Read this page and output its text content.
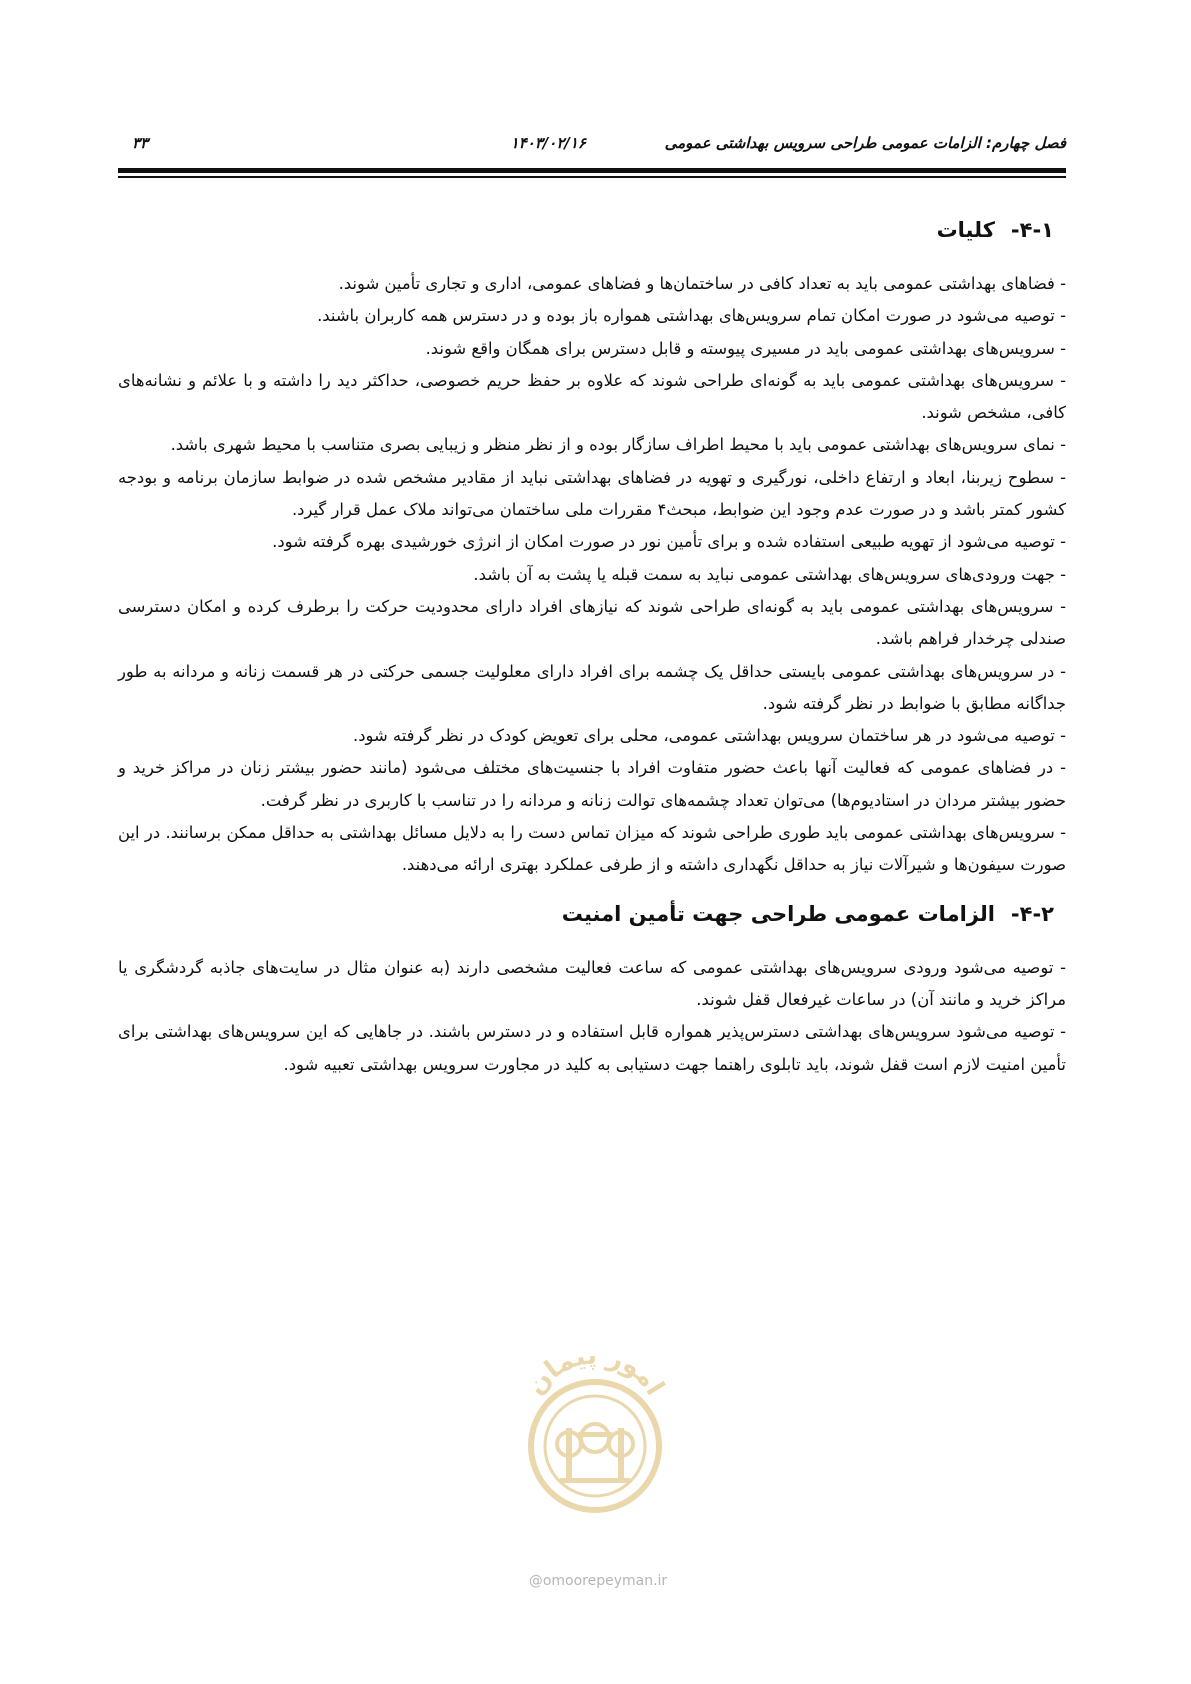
فصل چهارم: الزامات عمومی طراحی سرویس بهداشتی عمومی
۱۴۰۳/۰۲/۱۶
۳۳
۴-۱-کلیات

- فضاهای بهداشتی عمومی باید به تعداد کافی در ساختمان‌ها و فضاهای عمومی، اداری و تجاری تأمین شوند.

- توصیه می‌شود در صورت امکان تمام سرویس‌های بهداشتی همواره باز بوده و در دسترس همه کاربران باشند.

- سرویس‌های بهداشتی عمومی باید در مسیری پیوسته و قابل دسترس برای همگان واقع شوند.

- سرویس‌های بهداشتی عمومی باید به گونه‌ای طراحی شوند که علاوه بر حفظ حریم خصوصی، حداکثر دید را داشته و با علائم و نشانه‌های کافی، مشخص شوند.

- نمای سرویس‌های بهداشتی عمومی باید با محیط اطراف سازگار بوده و از نظر منظر و زیبایی بصری متناسب با محیط شهری باشد.

- سطوح زیربنا، ابعاد و ارتفاع داخلی، نورگیری و تهویه در فضاهای بهداشتی نباید از مقادیر مشخص شده در ضوابط سازمان برنامه و بودجه کشور کمتر باشد و در صورت عدم وجود این ضوابط، مبحث۴ مقررات ملی ساختمان می‌تواند ملاک عمل قرار گیرد.

- توصیه می‌شود از تهویه طبیعی استفاده شده و برای تأمین نور در صورت امکان از انرژی خورشیدی بهره گرفته شود.

- جهت ورودی‌های سرویس‌های بهداشتی عمومی نباید به سمت قبله یا پشت به آن باشد.

- سرویس‌های بهداشتی عمومی باید به گونه‌ای طراحی شوند که نیازهای افراد دارای محدودیت حرکت را برطرف کرده و امکان دسترسی صندلی چرخدار فراهم باشد.

- در سرویس‌های بهداشتی عمومی بایستی حداقل یک چشمه برای افراد دارای معلولیت جسمی حرکتی در هر قسمت زنانه و مردانه به طور جداگانه مطابق با ضوابط در نظر گرفته شود.

- توصیه می‌شود در هر ساختمان سرویس بهداشتی عمومی، محلی برای تعویض کودک در نظر گرفته شود.

- در فضاهای عمومی که فعالیت آنها باعث حضور متفاوت افراد با جنسیت‌های مختلف می‌شود (مانند حضور بیشتر زنان در مراکز خرید و حضور بیشتر مردان در استادیوم‌ها) می‌توان تعداد چشمه‌های توالت زنانه و مردانه را در تناسب با کاربری در نظر گرفت.

- سرویس‌های بهداشتی عمومی باید طوری طراحی شوند که میزان تماس دست را به دلایل مسائل بهداشتی به حداقل ممکن برسانند. در این صورت سیفون‌ها و شیرآلات نیاز به حداقل نگهداری داشته و از طرفی عملکرد بهتری ارائه می‌دهند.

۴-۲-الزامات عمومی طراحی جهت تأمین امنیت

- توصیه می‌شود ورودی سرویس‌های بهداشتی عمومی که ساعت فعالیت مشخصی دارند (به عنوان مثال در سایت‌های جاذبه گردشگری یا مراکز خرید و مانند آن) در ساعات غیرفعال قفل شوند.

- توصیه می‌شود سرویس‌های بهداشتی دسترس‌پذیر همواره قابل استفاده و در دسترس باشند. در جاهایی که این سرویس‌های بهداشتی برای تأمین امنیت لازم است قفل شوند، باید تابلوی راهنما جهت دستیابی به کلید در مجاورت سرویس بهداشتی تعبیه شود.

امور پیمان
@omoorepeyman.ir
